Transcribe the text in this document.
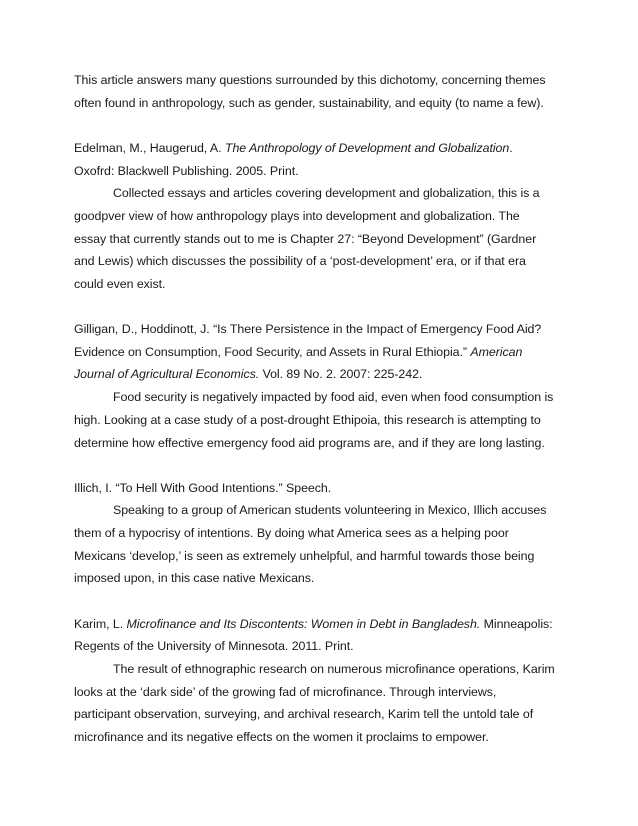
This article answers many questions surrounded by this dichotomy, concerning themes
often found in anthropology, such as gender, sustainability, and equity (to name a few).
Edelman, M., Haugerud, A. The Anthropology of Development and Globalization.
Oxofrd: Blackwell Publishing. 2005. Print.
Collected essays and articles covering development and globalization, this is a
goodpver view of how anthropology plays into development and globalization. The
essay that currently stands out to me is Chapter 27: “Beyond Development” (Gardner
and Lewis) which discusses the possibility of a ‘post-development’ era, or if that era
could even exist.
Gilligan, D., Hoddinott, J. “Is There Persistence in the Impact of Emergency Food Aid?
Evidence on Consumption, Food Security, and Assets in Rural Ethiopia.” American
Journal of Agricultural Economics. Vol. 89 No. 2. 2007: 225-242.
Food security is negatively impacted by food aid, even when food consumption is
high. Looking at a case study of a post-drought Ethipoia, this research is attempting to
determine how effective emergency food aid programs are, and if they are long lasting.
Illich, I. “To Hell With Good Intentions.” Speech.
Speaking to a group of American students volunteering in Mexico, Illich accuses
them of a hypocrisy of intentions. By doing what America sees as a helping poor
Mexicans ‘develop,’ is seen as extremely unhelpful, and harmful towards those being
imposed upon, in this case native Mexicans.
Karim, L. Microfinance and Its Discontents: Women in Debt in Bangladesh. Minneapolis:
Regents of the University of Minnesota. 2011. Print.
The result of ethnographic research on numerous microfinance operations, Karim
looks at the ‘dark side’ of the growing fad of microfinance. Through interviews,
participant observation, surveying, and archival research, Karim tell the untold tale of
microfinance and its negative effects on the women it proclaims to empower.
